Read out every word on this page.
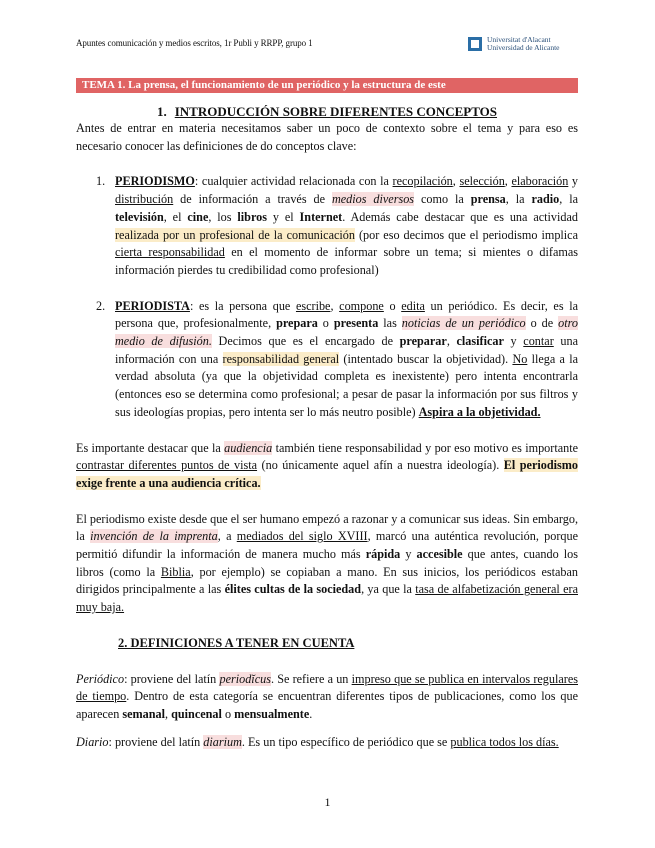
Apuntes comunicación y medios escritos, 1r Publi y RRPP, grupo 1	Universitat d'Alacant
Universidad de Alicante
TEMA 1. La prensa, el funcionamiento de un periódico y la estructura de este

1. INTRODUCCIÓN SOBRE DIFERENTES CONCEPTOS

Antes de entrar en materia necesitamos saber un poco de contexto sobre el tema y para eso es necesario conocer las definiciones de do conceptos clave:

1. PERIODISMO: cualquier actividad relacionada con la recopilación, selección, elaboración y distribución de información a través de medios diversos como la prensa, la radio, la televisión, el cine, los libros y el Internet. Además cabe destacar que es una actividad realizada por un profesional de la comunicación (por eso decimos que el periodismo implica cierta responsabilidad en el momento de informar sobre un tema; si mientes o difamas información pierdes tu credibilidad como profesional)
2. PERIODISTA: es la persona que escribe, compone o edita un periódico. Es decir, es la persona que, profesionalmente, prepara o presenta las noticias de un periódico o de otro medio de difusión. Decimos que es el encargado de preparar, clasificar y contar una información con una responsabilidad general (intentado buscar la objetividad). No llega a la verdad absoluta (ya que la objetividad completa es inexistente) pero intenta encontrarla (entonces eso se determina como profesional; a pesar de pasar la información por sus filtros y sus ideologías propias, pero intenta ser lo más neutro posible) Aspira a la objetividad.

Es importante destacar que la audiencia también tiene responsabilidad y por eso motivo es importante contrastar diferentes puntos de vista (no únicamente aquel afín a nuestra ideología). El periodismo exige frente a una audiencia crítica.

El periodismo existe desde que el ser humano empezó a razonar y a comunicar sus ideas. Sin embargo, la invención de la imprenta, a mediados del siglo XVIII, marcó una auténtica revolución, porque permitió difundir la información de manera mucho más rápida y accesible que antes, cuando los libros (como la Biblia, por ejemplo) se copiaban a mano. En sus inicios, los periódicos estaban dirigidos principalmente a las élites cultas de la sociedad, ya que la tasa de alfabetización general era muy baja.

2. DEFINICIONES A TENER EN CUENTA

Periódico: proviene del latín periodĭcus. Se refiere a un impreso que se publica en intervalos regulares de tiempo. Dentro de esta categoría se encuentran diferentes tipos de publicaciones, como los que aparecen semanal, quincenal o mensualmente.

Diario: proviene del latín diarium. Es un tipo específico de periódico que se publica todos los días.

1
